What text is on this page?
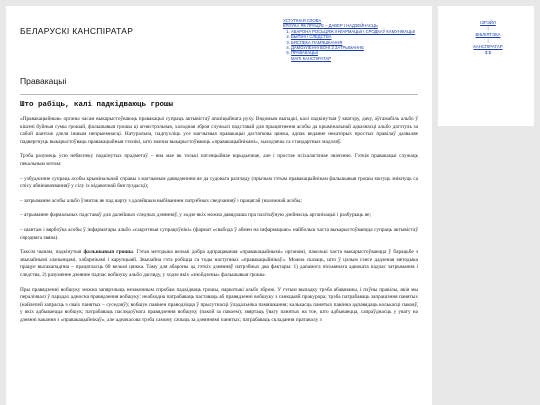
БЕЛАРУСКІ КАНСПІРАТАР
УСТУПНАЯ СЛОВА
КРОЎКА ЯК ПРАЦУЕ – ДАВЕР І НАДЗЕЙНАСЦЬ
1. АБАРОНА РОСЬЦЯЖ ІНФАРМАЦЫІ І СРОДКАЎ КАМУНІКАЦЫІ
2. ВЫПІНІ І СЛЕДСТВА
3. БЯСПЕКА ПАМЯШКАННЯ
4. ДАМОЎЛЕННІ ВОНІ З ЗАТРЫМАННЕ
5. ПРАВАКАЦЫІ
МАПІ КАНСПІРАТАР
Правакацыі
Што рабіць, калі падкідваюць грошы

«Правакацыйныя» органы часам выкарыстоўваюць правакацыі супраць актывістаў апазіцыйнага руху. Вядомым выпадкі, калі падкінутыя ў кватэру, дачу, аўтамабіль альбо ў кішэні буйныя сумы грошай, фальшывыя грошы ці агнястрэльная, халодная зброя служылі падставай для прыцягнення асобы да крымінальнай адказнасці альбо дагэтуль за сабой шантаж дзеля іншым непрыемнасці. Натуральна, падпухліць усе магчымыя правакацыі дастаткова цяжка, адпак веданне некаторых простых правілаў дазваляе падвергнуць выкарыстоўваць правакацыйныя тэхнікі, што значна выкарыстоўваюць «правакацыйнікамі», зыходзячы са стандартных мадэляў.

Трэба разумець усю небяспеку падкінутых прадметаў – яна мае як толькі патэнцыйнае юрыдычнае, але і простае псіхалагічнае значэнне. Гэткія правакацыі служаць пекальным мэтам:

– узбуджэнне супраць асобы крымінальнай справы з магчымым давядзеннем яе да судовага разгляду (прычым гэтым правакацыйнікам фальшывыя грошы могуць знікнуць са спісу абвінавачванняў у сілу іх відавочнай бязглуздасці);

– затрыманне асобы альбо ўзнятак яе пад варту з далейшым выбіваннем патрэбных сведчанняў і працягай (належнай асобы;

– атрыманне фармальных падставаў для далейшых следчых дзеянняў, у ходзе якіх можна давядзаша пра пазітыўную дзейнасць арганізацыі і разбурыць яе;

– шантаж і вярбоўка асобы ў інфарматары альбо «сакрэтныя супрацоўнікі» (фармат «свабода ў абмен на інфармацыю» найбольш часта выкарыстоўваецца супраць актывістаў сярэдняга звяна).

Таксім чынам, падкінутыя фальшывыя грошы. Гэтая методыка вельмі добра адпрацаваная «правакацыйнымі» органамі, паколькі часта выкарыстоўваецца ў барацьбе з звычайнымі злачынцамі, хабарнікамі і карупцыяй. Звычайна гэта робіцца са тоды наступных «правакацыйнікаў». Можна сказаць, што ў цэлым сэнсе дадзеная методыка працуе высакападпна – працягласць 68 вельмі цяжка. Таму для абароны ад гэткіх дзеянняў патрэбных два фактары: 1) дапамога пісьмянага адвоката падчас затрымання і следства, 2) разуменне дзеянне падчас вобшуку альбо дагляду, у ходзе якіх «знойдзены» фальшывыя грошы.

Пры правядзенні вобшуку можна запярэчыць незаконным спробам падкідваць грошы, наркотыкі альбо зброю. У гэтым выпадку трэба абавязаны, і пэўны правілы, якія мы пералічвалі ў парадах адносна правядзення вобшуку: неабходна патрабаваць паставаць аб правядзенні вобшуку з санкцыяй пракурора; трэба патрабаваць запрашэння панятых (найлепей запрасць з сваіх панятых – суседзяў); вобшук павінен праводзіцца ў прысутнасці ўладальніка памяшкання; калькасць панятых павінна адпавядаць колькасці пакояў, у якіх адбываецца вобшук; патрабаваць паслядоўнага правядзення вобшуку (пакой за пакоем); звяртаць ўвагу панятых на тое, што адбываецца, сапраўднасць у увагу на дзеянні вакання з «правакацыйнікаў», але адначасова трэба самому сачыць за дзеяннямі панятых; патрабаваць складання пратаколу з

ІЗРЭЙЛ
|
БІБЛІЯТЭКА
|
КАНСПІРАТАР
$ $
